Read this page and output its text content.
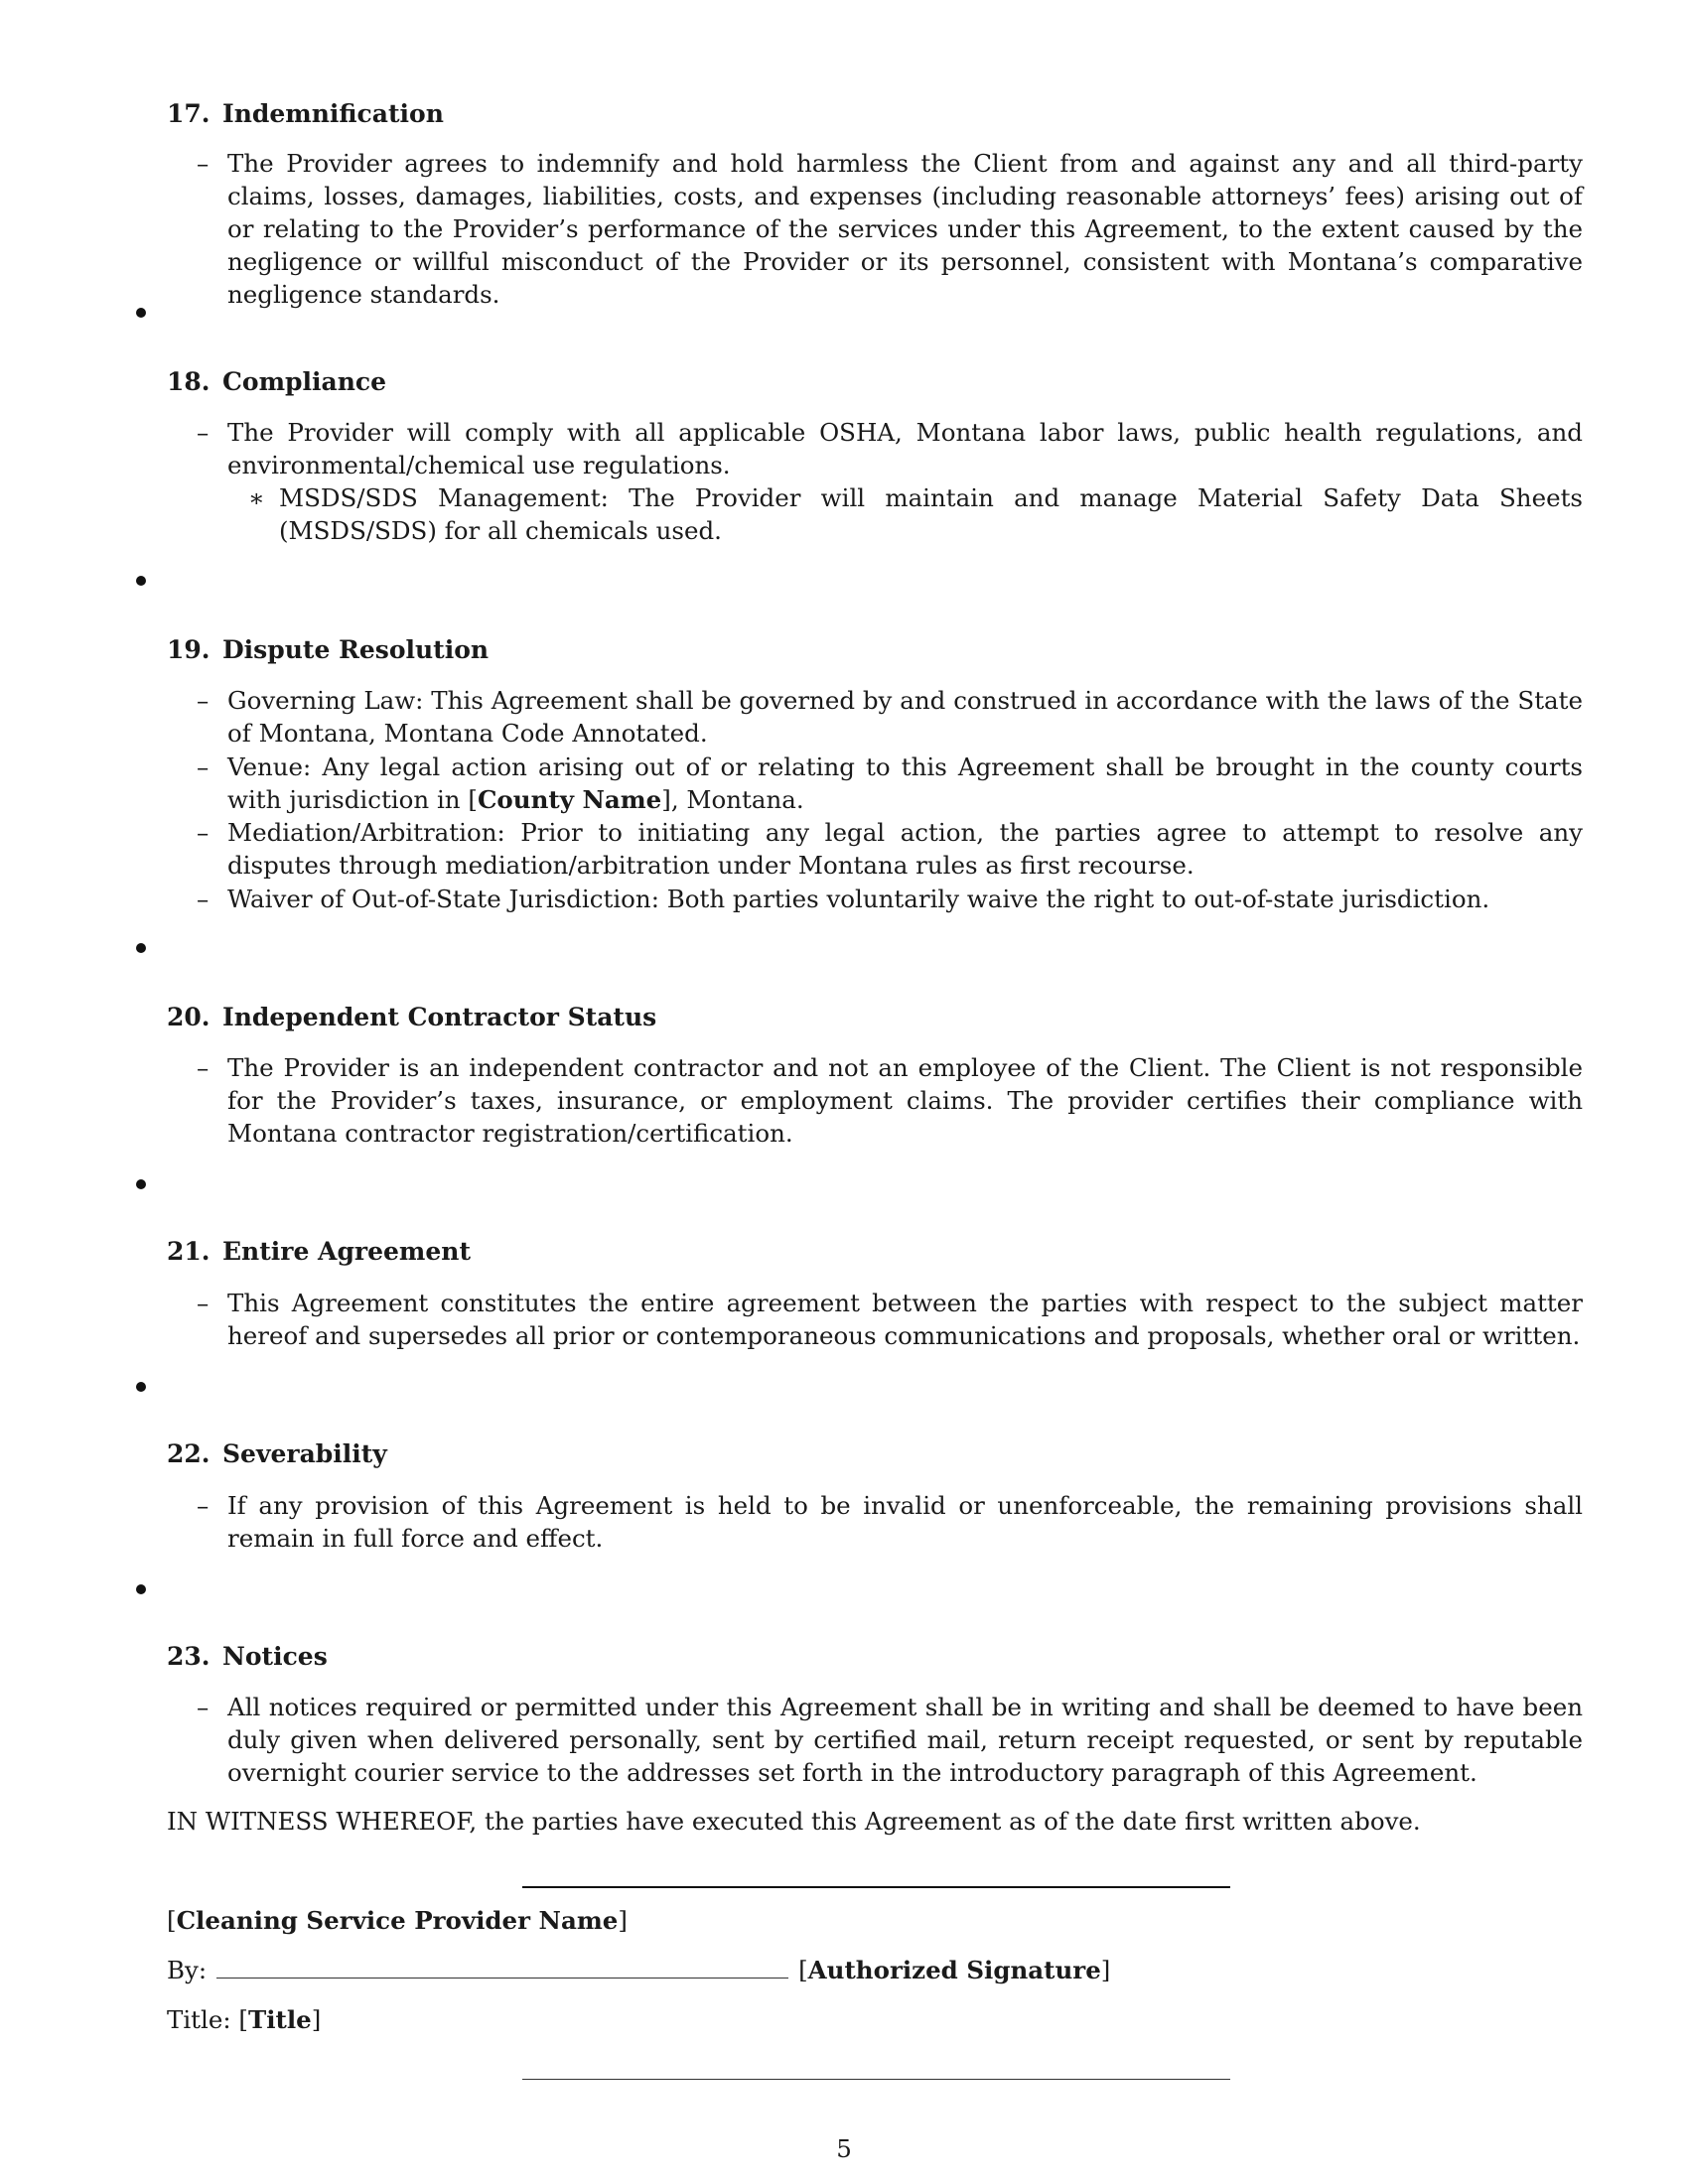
17. Indemnification
– The Provider agrees to indemnify and hold harmless the Client from and against any and all third-party claims, losses, damages, liabilities, costs, and expenses (including reasonable attorneys’ fees) arising out of or relating to the Provider’s performance of the services under this Agreement, to the extent caused by the negligence or willful misconduct of the Provider or its personnel, consistent with Montana’s comparative negligence standards.
18. Compliance
– The Provider will comply with all applicable OSHA, Montana labor laws, public health regulations, and environmental/chemical use regulations.
∗ MSDS/SDS Management: The Provider will maintain and manage Material Safety Data Sheets (MSDS/SDS) for all chemicals used.
19. Dispute Resolution
– Governing Law: This Agreement shall be governed by and construed in accordance with the laws of the State of Montana, Montana Code Annotated.
– Venue: Any legal action arising out of or relating to this Agreement shall be brought in the county courts with jurisdiction in [County Name], Montana.
– Mediation/Arbitration: Prior to initiating any legal action, the parties agree to attempt to resolve any disputes through mediation/arbitration under Montana rules as first recourse.
– Waiver of Out-of-State Jurisdiction: Both parties voluntarily waive the right to out-of-state jurisdiction.
20. Independent Contractor Status
– The Provider is an independent contractor and not an employee of the Client. The Client is not responsible for the Provider’s taxes, insurance, or employment claims. The provider certifies their compliance with Montana contractor registration/certification.
21. Entire Agreement
– This Agreement constitutes the entire agreement between the parties with respect to the subject matter hereof and supersedes all prior or contemporaneous communications and proposals, whether oral or written.
22. Severability
– If any provision of this Agreement is held to be invalid or unenforceable, the remaining provisions shall remain in full force and effect.
23. Notices
– All notices required or permitted under this Agreement shall be in writing and shall be deemed to have been duly given when delivered personally, sent by certified mail, return receipt requested, or sent by reputable overnight courier service to the addresses set forth in the introductory paragraph of this Agreement.
IN WITNESS WHEREOF, the parties have executed this Agreement as of the date first written above.
[Cleaning Service Provider Name]
By:	[Authorized Signature]
Title: [Title]
5
